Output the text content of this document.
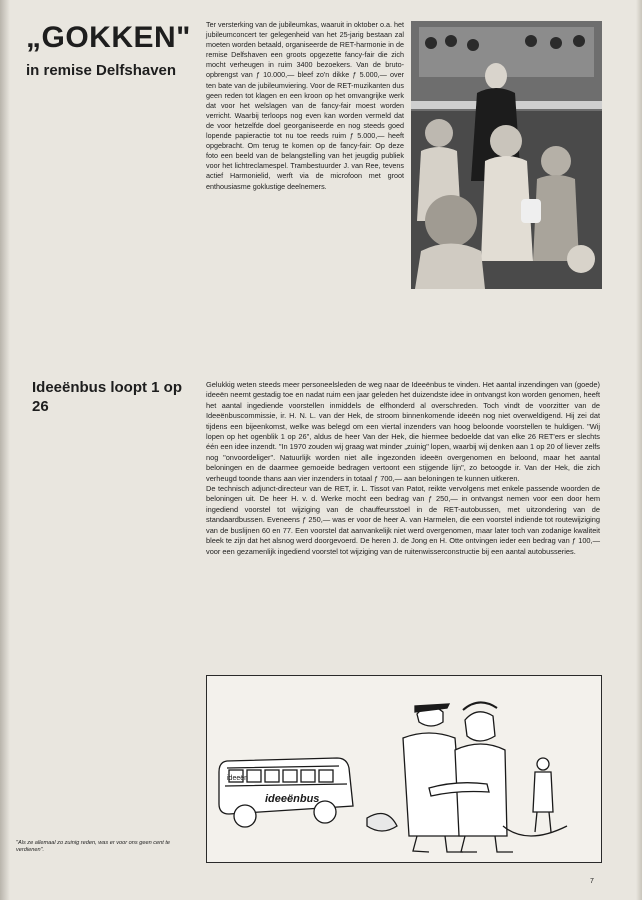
„GOKKEN"
in remise Delfshaven
Ter versterking van de jubileumkas, waaruit in oktober o.a. het jubileumconcert ter gelegenheid van het 25-jarig bestaan zal moeten worden betaald, organiseerde de RET-harmonie in de remise Delfshaven een groots opgezette fancy-fair die zich mocht verheugen in ruim 3400 bezoekers. Van de bruto-opbrengst van ƒ 10.000,— bleef zo'n dikke ƒ 5.000,— over ten bate van de jubileumviering. Voor de RET-muzikanten dus geen reden tot klagen en een kroon op het omvangrijke werk dat voor het welslagen van de fancy-fair moest worden verricht. Waarbij terloops nog even kan worden vermeld dat de voor hetzelfde doel georganiseerde en nog steeds goed lopende papieractie tot nu toe reeds ruim ƒ 5.000,— heeft opgebracht. Om terug te komen op de fancy-fair: Op deze foto een beeld van de belangstelling van het jeugdig publiek voor het lichtreclamespel. Trambestuurder J. van Ree, tevens actief Harmonielid, werft via de microfoon met groot enthousiasme goklustige deelnemers.
Ideeënbus loopt 1 op 26

Gelukkig weten steeds meer personeelsleden de weg naar de Ideeënbus te vinden. Het aantal inzendingen van (goede) ideeën neemt gestadig toe en nadat ruim een jaar geleden het duizendste idee in ontvangst kon worden genomen, heeft het aantal ingediende voorstellen inmiddels de elfhonderd al overschreden. Toch vindt de voorzitter van de Ideeënbuscommissie, ir. H. N. L. van der Hek, de stroom binnenkomende ideeën nog niet overweldigend. Hij zei dat tijdens een bijeenkomst, welke was belegd om een viertal inzenders van hoog beloonde voorstellen te huldigen. "Wij lopen op het ogenblik 1 op 26", aldus de heer Van der Hek, die hiermee bedoelde dat van elke 26 RET'ers er slechts één een idee inzendt. "In 1970 zouden wij graag wat minder „zuinig" lopen, waarbij wij denken aan 1 op 20 of liever zelfs nog "onvoordeliger". Natuurlijk worden niet alle ingezonden ideeën overgenomen en beloond, maar het aantal beloningen en de daarmee gemoeide bedragen vertoont een stijgende lijn", zo betoogde ir. Van der Hek, die zich verheugd toonde thans aan vier inzenders in totaal ƒ 700,— aan beloningen te kunnen uitkeren.

De technisch adjunct-directeur van de RET, ir. L. Tissot van Patot, reikte vervolgens met enkele passende woorden de beloningen uit. De heer H. v. d. Werke mocht een bedrag van ƒ 250,— in ontvangst nemen voor een door hem ingediend voorstel tot wijziging van de chauffeursstoel in de RET-autobussen, met uitzondering van de standaardbussen. Eveneens ƒ 250,— was er voor de heer A. van Harmelen, die een voorstel indiende tot routewijziging van de buslijnen 60 en 77. Een voorstel dat aanvankelijk niet werd overgenomen, maar later toch van zodanige kwaliteit bleek te zijn dat het alsnog werd doorgevoerd. De heren J. de Jong en H. Otte ontvingen ieder een bedrag van ƒ 100,— voor een gezamenlijk ingediend voorstel tot wijziging van de ruitenwisserconstructie bij een aantal autobusseries.

ideeën
ideeënbus
"Als ze allemaal zo zuinig reden, was er voor ons geen cent te verdienen".
7
